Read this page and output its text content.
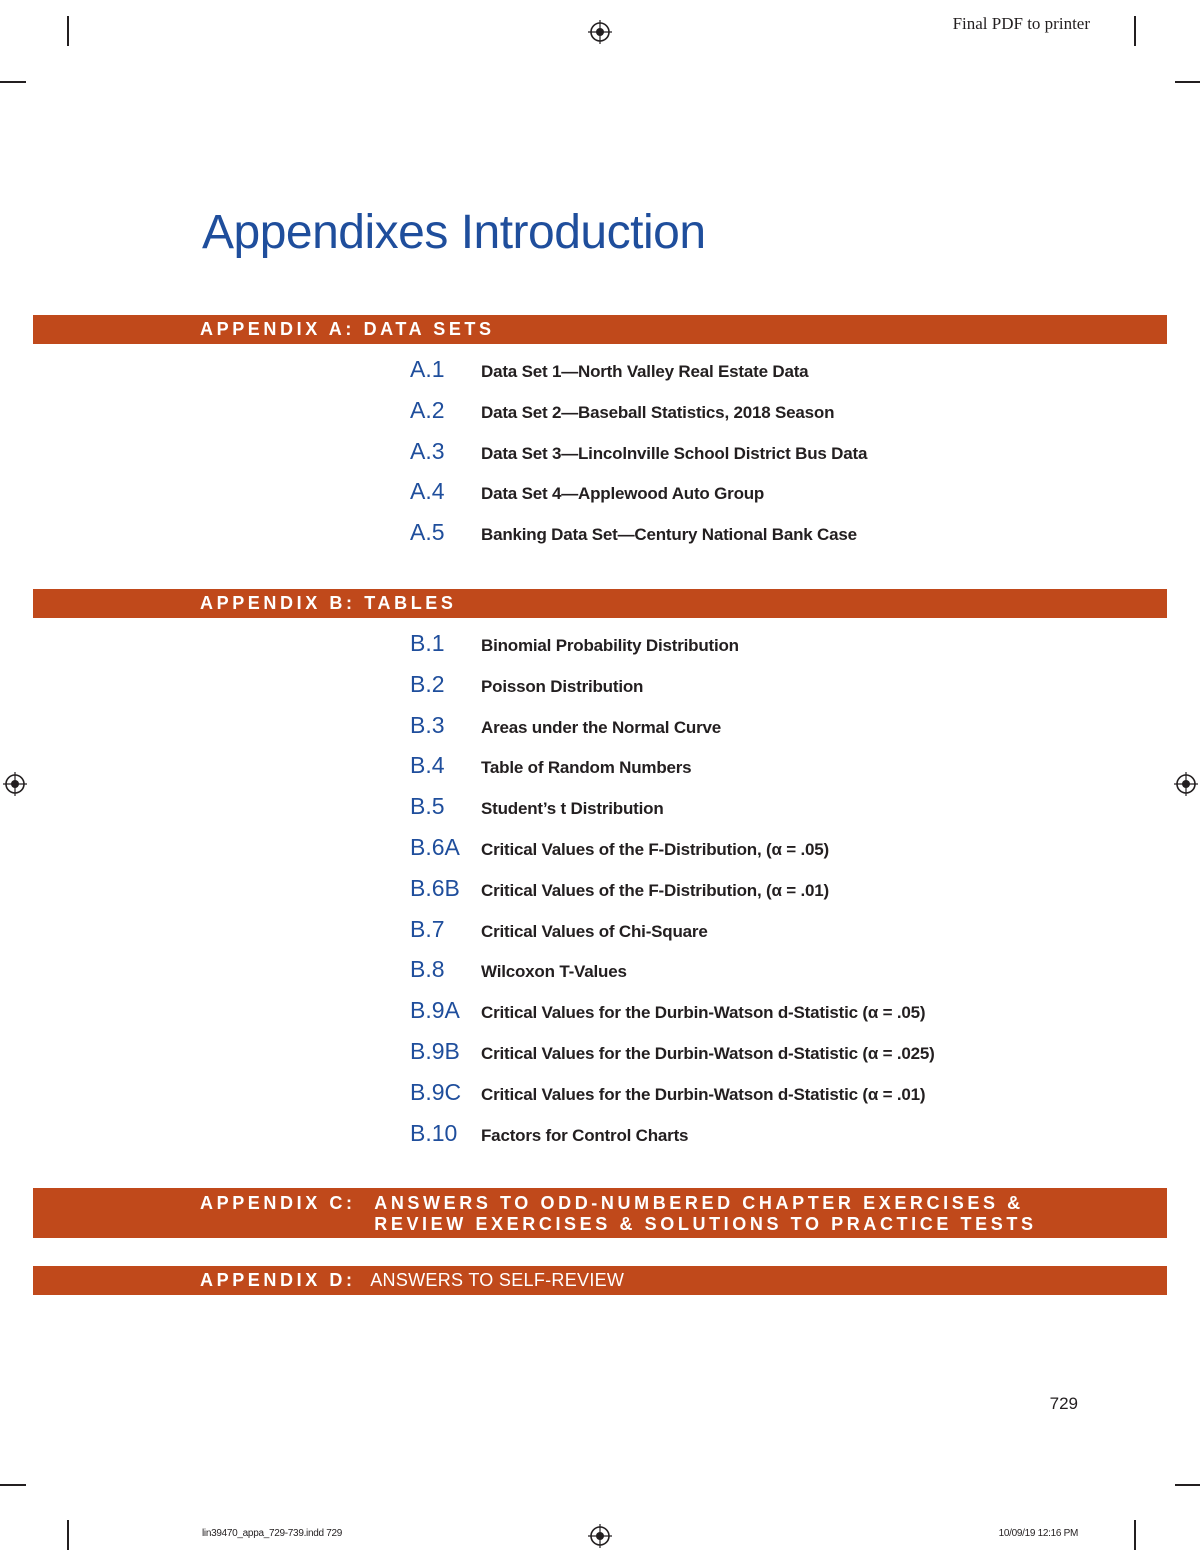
Final PDF to printer
Appendixes Introduction
APPENDIX A: DATA SETS
A.1	Data Set 1—North Valley Real Estate Data
A.2	Data Set 2—Baseball Statistics, 2018 Season
A.3	Data Set 3—Lincolnville School District Bus Data
A.4	Data Set 4—Applewood Auto Group
A.5	Banking Data Set—Century National Bank Case
APPENDIX B: TABLES
B.1	Binomial Probability Distribution
B.2	Poisson Distribution
B.3	Areas under the Normal Curve
B.4	Table of Random Numbers
B.5	Student’s t Distribution
B.6A	Critical Values of the F-Distribution, (α = .05)
B.6B	Critical Values of the F-Distribution, (α = .01)
B.7	Critical Values of Chi-Square
B.8	Wilcoxon T-Values
B.9A	Critical Values for the Durbin-Watson d-Statistic (α = .05)
B.9B	Critical Values for the Durbin-Watson d-Statistic (α = .025)
B.9C	Critical Values for the Durbin-Watson d-Statistic (α = .01)
B.10	Factors for Control Charts
APPENDIX C: ANSWERS TO ODD-NUMBERED CHAPTER EXERCISES &
REVIEW EXERCISES & SOLUTIONS TO PRACTICE TESTS
APPENDIX D: ANSWERS TO SELF-REVIEW
729
lin39470_appa_729-739.indd 729	10/09/19 12:16 PM
